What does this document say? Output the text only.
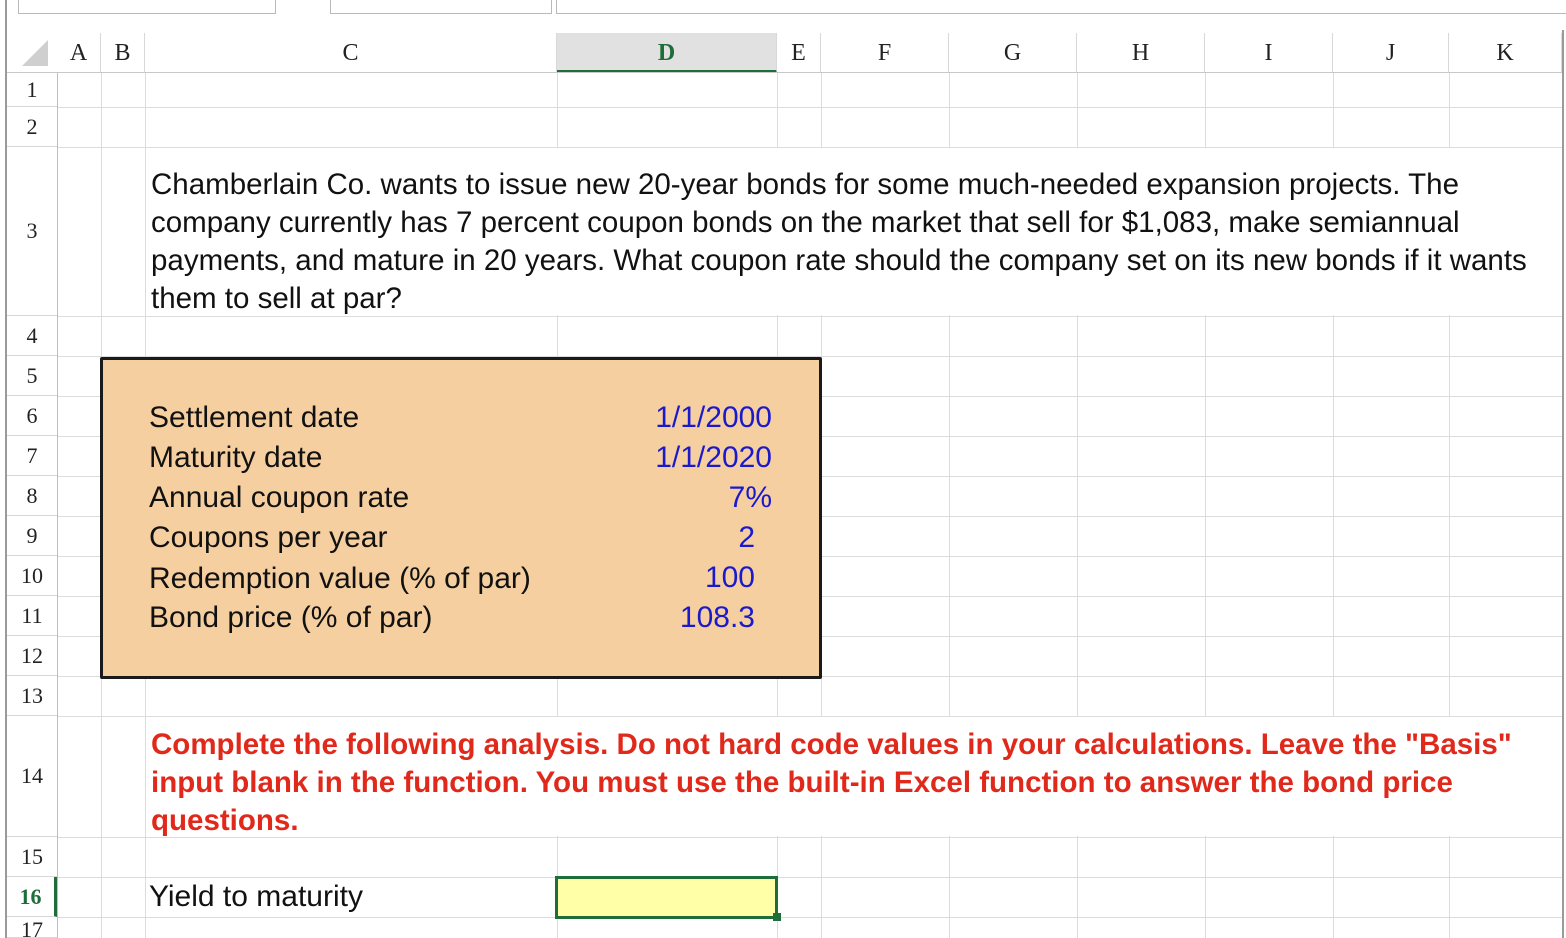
A	B	C	D	E	F	G	H	I	J	K
1
2
3
4
5
6
7
8
9
10
11
12
13
14
15
16
17
Chamberlain Co. wants to issue new 20-year bonds for some much-needed expansion projects. The company currently has 7 percent coupon bonds on the market that sell for $1,083, make semiannual payments, and mature in 20 years. What coupon rate should the company set on its new bonds if it wants them to sell at par?
Settlement date	1/1/2000
Maturity date	1/1/2020
Annual coupon rate	7%
Coupons per year	2
Redemption value (% of par)	100
Bond price (% of par)	108.3
Complete the following analysis. Do not hard code values in your calculations. Leave the "Basis" input blank in the function. You must use the built-in Excel function to answer the bond price questions.
Yield to maturity
